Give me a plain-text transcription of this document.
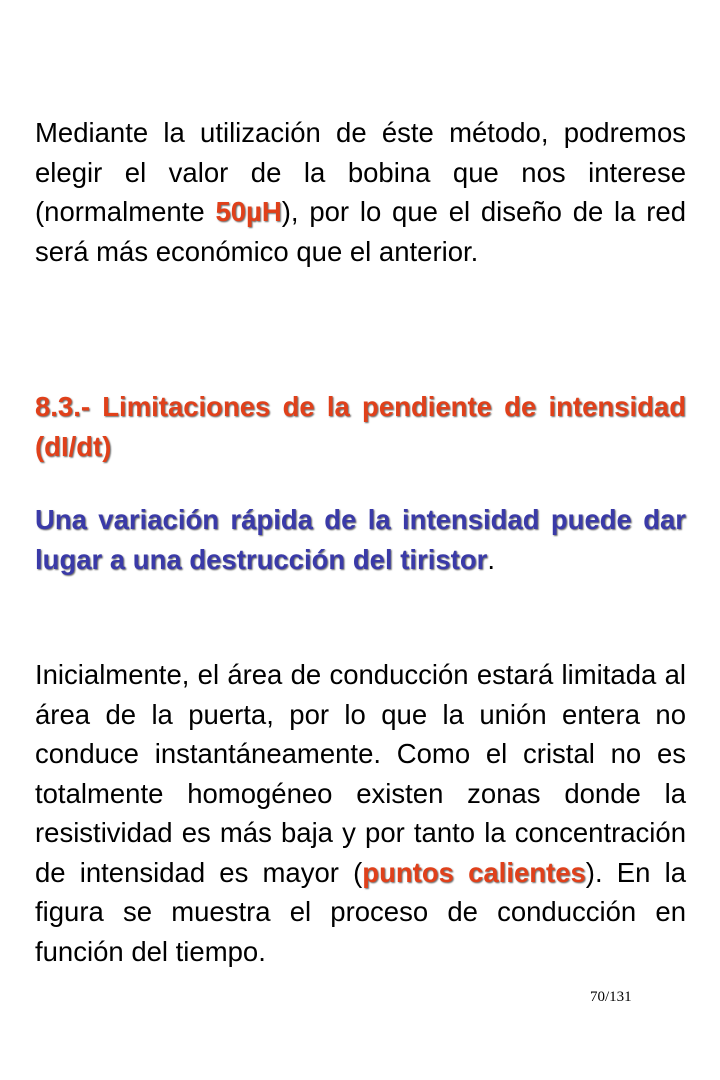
Mediante la utilización de éste método, podremos elegir el valor de la bobina que nos interese (normalmente 50µH), por lo que el diseño de la red será más económico que el anterior.
8.3.- Limitaciones de la pendiente de intensidad (dI/dt)
Una variación rápida de la intensidad puede dar lugar a una destrucción del tiristor.
Inicialmente, el área de conducción estará limitada al área de la puerta, por lo que la unión entera no conduce instantáneamente. Como el cristal no es totalmente homogéneo existen zonas donde la resistividad es más baja y por tanto la concentración de intensidad es mayor (puntos calientes). En la figura se muestra el proceso de conducción en función del tiempo.
70/131
